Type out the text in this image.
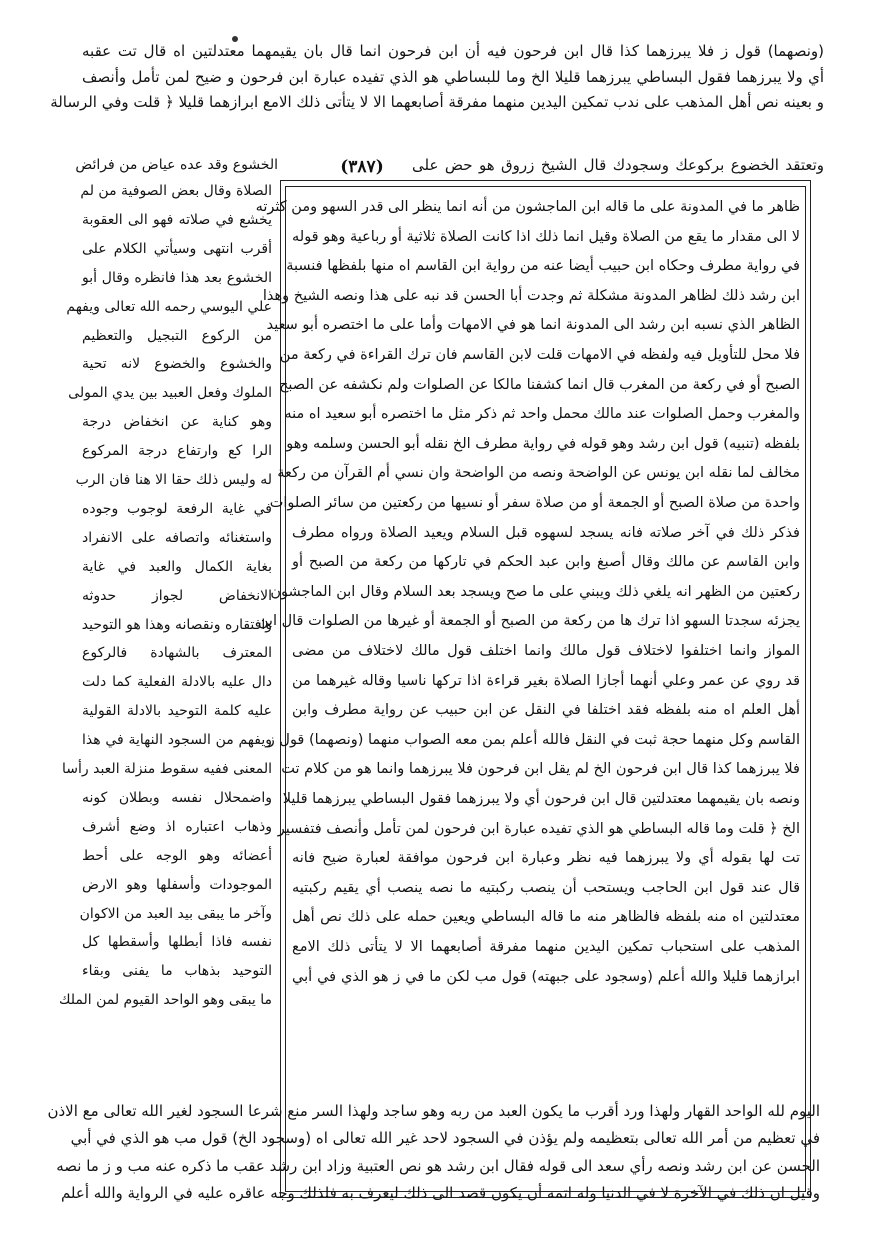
(ونصهما) قول ز فلا يبرزهما كذا قال ابن فرحون فيه أن ابن فرحون انما قال بان يقيمهما معتدلتين اه قال تت عقبه
أي ولا يبرزهما فقول البساطي يبرزهما قليلا الخ وما للبساطي هو الذي تفيده عبارة ابن فرحون و ضيح لمن تأمل وأنصف
و بعينه نص أهل المذهب على ندب تمكين اليدين منهما مفرقة أصابعهما الا لا يتأتى ذلك الامع ابرازهما قليلا ﴿ قلت وفي الرسالة
وتعتقد الخضوع بركوعك وسجودك قال الشيخ زروق هو حض على
(٣٨٧)
الخشوع وقد عده عياض من فرائض
ظاهر ما في المدونة على ما قاله ابن الماجشون من أنه انما ينظر الى قدر السهو ومن كثرته
لا الى مقدار ما يقع من الصلاة وقيل انما ذلك اذا كانت الصلاة ثلاثية أو رباعية وهو قوله
في رواية مطرف وحكاه ابن حبيب أيضا عنه من رواية ابن القاسم اه منها بلفظها فنسبة
ابن رشد ذلك لظاهر المدونة مشكلة ثم وجدت أبا الحسن قد نبه على هذا ونصه الشيخ وهذا
الظاهر الذي نسبه ابن رشد الى المدونة انما هو في الامهات وأما على ما اختصره أبو سعيد
فلا محل للتأويل فيه ولفظه في الامهات قلت لابن القاسم فان ترك القراءة في ركعة من
الصبح أو في ركعة من المغرب قال انما كشفنا مالكا عن الصلوات ولم نكشفه عن الصبح
والمغرب وحمل الصلوات عند مالك محمل واحد ثم ذكر مثل ما اختصره أبو سعيد اه منه
بلفظه (تنبيه) قول ابن رشد وهو قوله في رواية مطرف الخ نقله أبو الحسن وسلمه وهو
مخالف لما نقله ابن يونس عن الواضحة ونصه من الواضحة وان نسي أم القرآن من ركعة
واحدة من صلاة الصبح أو الجمعة أو من صلاة سفر أو نسيها من ركعتين من سائر الصلوات
فذكر ذلك في آخر صلاته فانه يسجد لسهوه قبل السلام ويعيد الصلاة ورواه مطرف
وابن القاسم عن مالك وقال أصبغ وابن عبد الحكم في تاركها من ركعة من الصبح أو
ركعتين من الظهر انه يلغي ذلك ويبني على ما صح ويسجد بعد السلام وقال ابن الماجشون
يجزئه سجدتا السهو اذا ترك ها من ركعة من الصبح أو الجمعة أو غيرها من الصلوات قال ابن
المواز وانما اختلفوا لاختلاف قول مالك وانما اختلف قول مالك لاختلاف من مضى
قد روي عن عمر وعلي أنهما أجازا الصلاة بغير قراءة اذا تركها ناسيا وقاله غيرهما من
أهل العلم اه منه بلفظه فقد اختلفا في النقل عن ابن حبيب عن رواية مطرف وابن
القاسم وكل منهما حجة ثبت في النقل فالله أعلم بمن معه الصواب منهما (ونصهما) قول ز
فلا يبرزهما كذا قال ابن فرحون الخ لم يقل ابن فرحون فلا يبرزهما وانما هو من كلام تت
ونصه بان يقيمهما معتدلتين قال ابن فرحون أي ولا يبرزهما فقول البساطي يبرزهما قليلا
الخ ﴿ قلت وما قاله البساطي هو الذي تفيده عبارة ابن فرحون لمن تأمل وأنصف فتفسير
تت لها بقوله أي ولا يبرزهما فيه نظر وعبارة ابن فرحون موافقة لعبارة ضيح فانه
قال عند قول ابن الحاجب ويستحب أن ينصب ركبتيه ما نصه ينصب أي يقيم ركبتيه
معتدلتين اه منه بلفظه فالظاهر منه ما قاله البساطي ويعين حمله على ذلك نص أهل
المذهب على استحباب تمكين اليدين منهما مفرقة أصابعهما الا لا يتأتى ذلك الامع
ابرازهما قليلا والله أعلم (وسجود على جبهته) قول مب لكن ما في ز هو الذي في أبي
الصلاة وقال بعض الصوفية من لم
يخشع في صلاته فهو الى العقوبة
أقرب انتهى وسيأتي الكلام على
الخشوع بعد هذا فانظره وقال أبو
علي اليوسي رحمه الله تعالى ويفهم
من الركوع التبجيل والتعظيم
والخشوع والخضوع لانه تحية
الملوك وفعل العبيد بين يدي المولى
وهو كناية عن انخفاض درجة
الرا كع وارتفاع درجة المركوع
له وليس ذلك حقا الا هنا فان الرب
في غاية الرفعة لوجوب وجوده
واستغنائه واتصافه على الانفراد
بغاية الكمال والعبد في غاية
الانخفاض لجواز حدوثه
وافتقاره ونقصانه وهذا هو التوحيد
المعترف بالشهادة فالركوع
دال عليه بالادلة الفعلية كما دلت
عليه كلمة التوحيد بالادلة القولية
ويفهم من السجود النهاية في هذا
المعنى ففيه سقوط منزلة العبد رأسا
واضمحلال نفسه وبطلان كونه
وذهاب اعتباره اذ وضع أشرف
أعضائه وهو الوجه على أحط
الموجودات وأسفلها وهو الارض
وآخر ما يبقى بيد العبد من الاكوان
نفسه فاذا أبطلها وأسقطها كل
التوحيد بذهاب ما يفنى وبقاء
ما يبقى وهو الواحد القيوم لمن الملك
اليوم لله الواحد القهار ولهذا ورد أقرب ما يكون العبد من ربه وهو ساجد ولهذا السر منع شرعا السجود لغير الله تعالى مع الاذن
في تعظيم من أمر الله تعالى بتعظيمه ولم يؤذن في السجود لاحد غير الله تعالى اه (وسجود الخ) قول مب هو الذي في أبي
الحسن عن ابن رشد ونصه رأي سعد الى قوله فقال ابن رشد هو نص العتبية وزاد ابن رشد عقب ما ذكره عنه مب و ز ما نصه
وقيل ان ذلك في الآخرة لا في الدنيا وله اتمه أن يكون قصد الى ذلك ليعرف به فلذلك وجه عاقره عليه في الرواية والله أعلم
